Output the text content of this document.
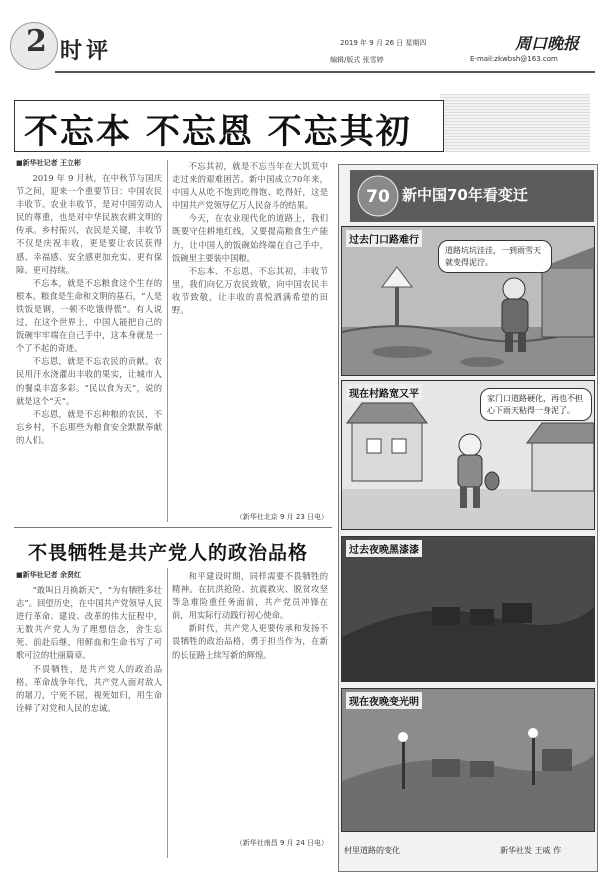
2 时评	2019 年 9 月 26 日 星期四	周口晚报
编辑/版式 张雪婷	E-mail:zkwbsh@163.com
不忘本 不忘恩 不忘其初
■新华社记者 王立彬

2019 年 9 月秋，在中秋节与国庆节之间，迎来一个重要节日：中国农民丰收节。农业丰收节，是对中国劳动人民的尊重，也是对中华民族农耕文明的传承。乡村振兴，农民是关键，丰收节不仅是庆祝丰收，更是要让农民获得感、幸福感、安全感更加充实、更有保障、更可持续。

不忘本，就是不忘粮食这个生存的根本。粮食是生命和文明的基石，“人是铁饭是钢，一顿不吃饿得慌”。有人说过，在这个世界上，中国人能把自己的饭碗牢牢端在自己手中，这本身就是一个了不起的奇迹。

不忘恩，就是不忘农民的贡献。农民用汗水浇灌出丰收的果实，让城市人的餐桌丰富多彩。“民以食为天”，说的就是这个“天”。

不忘恩，就是不忘种粮的农民，不忘乡村，不忘那些为粮食安全默默奉献的人们。

不忘其初，就是不忘当年在大饥荒中走过来的艰难困苦。新中国成立70年来，中国人从吃不饱到吃得饱、吃得好，这是中国共产党领导亿万人民奋斗的结果。

今天，在农业现代化的道路上，我们既要守住耕地红线，又要提高粮食生产能力，让中国人的饭碗始终端在自己手中，饭碗里主要装中国粮。

不忘本、不忘恩、不忘其初，丰收节里，我们向亿万农民致敬，向中国农民丰收节致敬，让丰收的喜悦洒满希望的田野。

（新华社北京 9 月 23 日电）
不畏牺牲是共产党人的政治品格
■新华社记者 余贤红

“敢叫日月换新天”，“为有牺牲多壮志”。回望历史，在中国共产党领导人民进行革命、建设、改革的伟大征程中，无数共产党人为了理想信念，舍生忘死、前赴后继，用鲜血和生命书写了可歌可泣的壮丽篇章。

不畏牺牲，是共产党人的政治品格。革命战争年代，共产党人面对敌人的屠刀，宁死不屈，视死如归，用生命诠释了对党和人民的忠诚。

和平建设时期，同样需要不畏牺牲的精神。在抗洪抢险、抗震救灾、脱贫攻坚等急难险重任务面前，共产党员冲锋在前，用实际行动践行初心使命。

新时代，共产党人更要传承和发扬不畏牺牲的政治品格，勇于担当作为，在新的长征路上续写新的辉煌。

（新华社南昌 9 月 24 日电）
70 新中国70年看变迁
过去门口路难行
道路坑坑洼洼，一到雨雪天就变得泥泞。
现在村路宽又平	家门口道路硬化，再也不担心下雨天粘得一身泥了。
过去夜晚黑漆漆
现在夜晚变光明
村里道路的变化	新华社发 王威 作
